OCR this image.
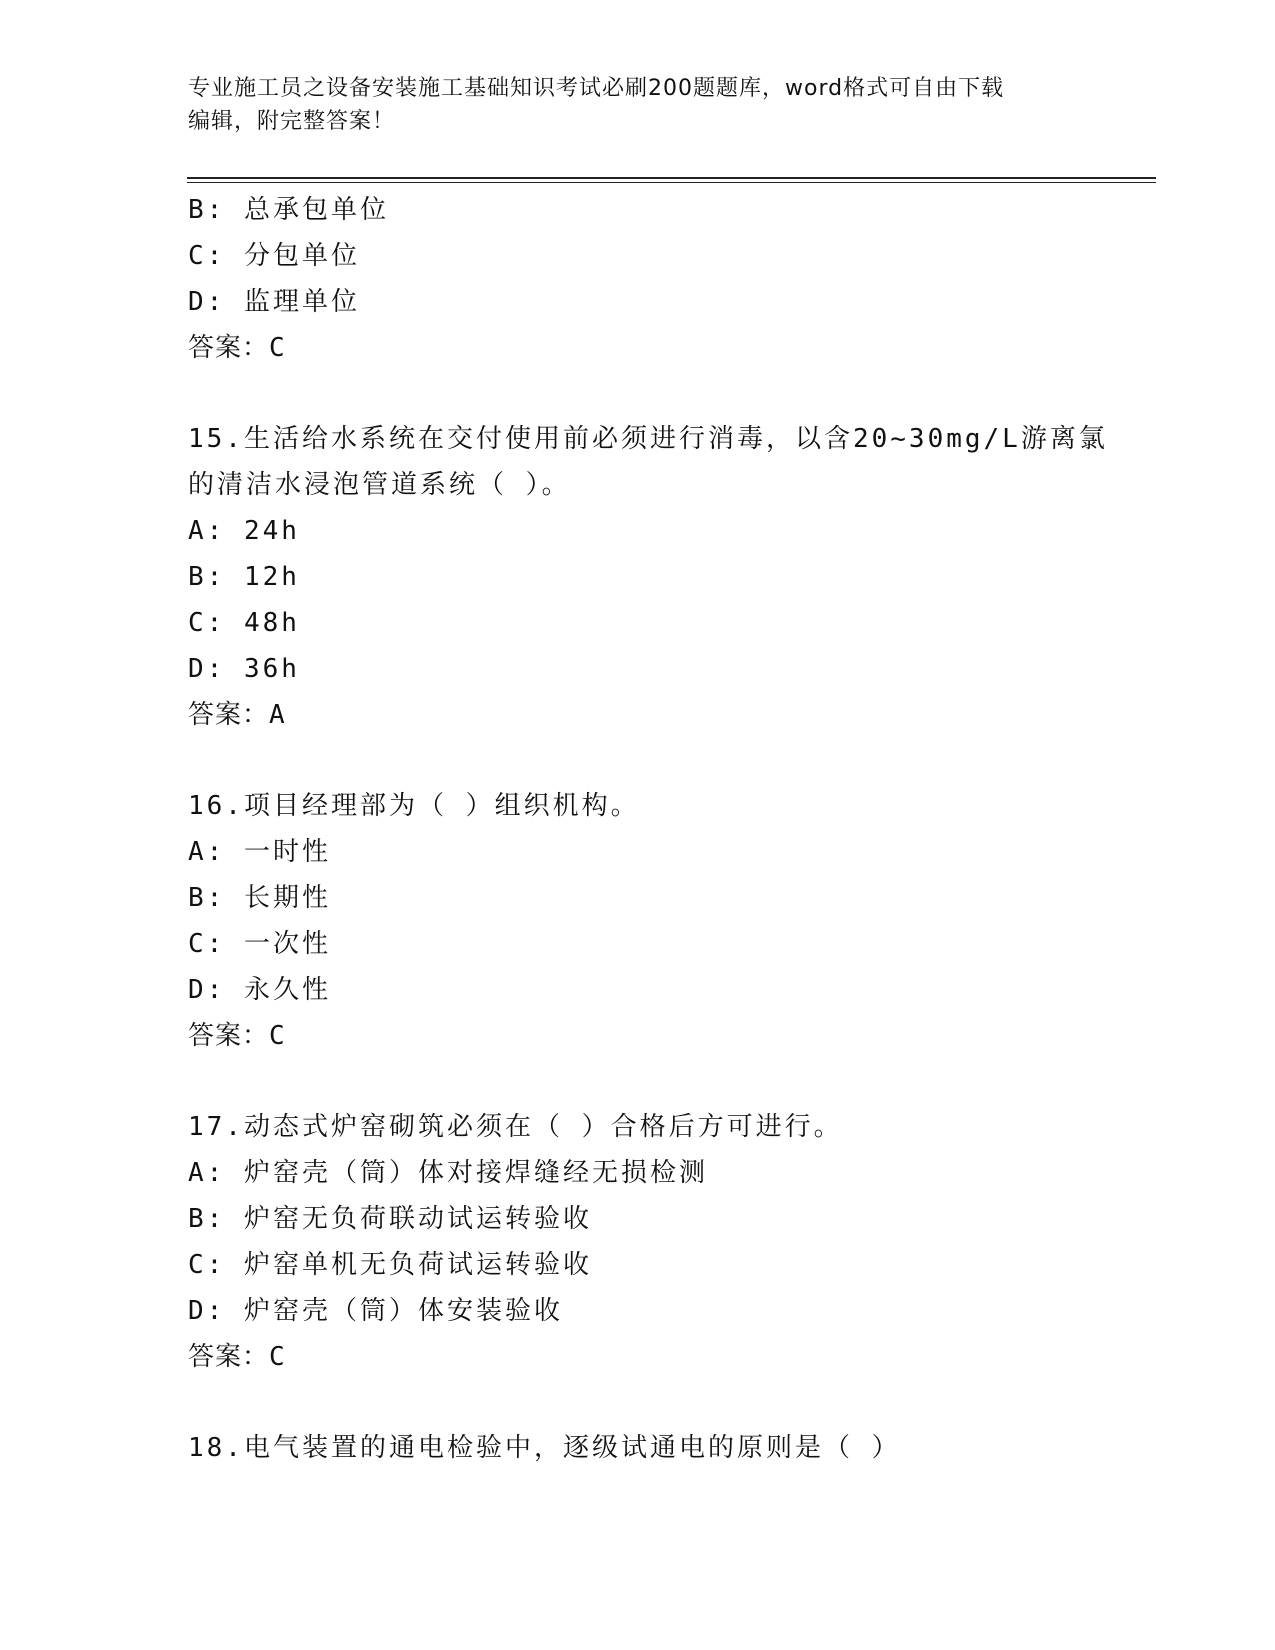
专业施工员之设备安装施工基础知识考试必刷200题题库，word格式可自由下载
编辑，附完整答案！
B: 总承包单位
C: 分包单位
D: 监理单位
答案：C
15.生活给水系统在交付使用前必须进行消毒，以含20~30mg/L游离氯
的清洁水浸泡管道系统（ ）。
A: 24h
B: 12h
C: 48h
D: 36h
答案：A
16.项目经理部为（ ）组织机构。
A: 一时性
B: 长期性
C: 一次性
D: 永久性
答案：C
17.动态式炉窑砌筑必须在（ ）合格后方可进行。
A: 炉窑壳（筒）体对接焊缝经无损检测
B: 炉窑无负荷联动试运转验收
C: 炉窑单机无负荷试运转验收
D: 炉窑壳（筒）体安装验收
答案：C
18.电气装置的通电检验中，逐级试通电的原则是（ ）
